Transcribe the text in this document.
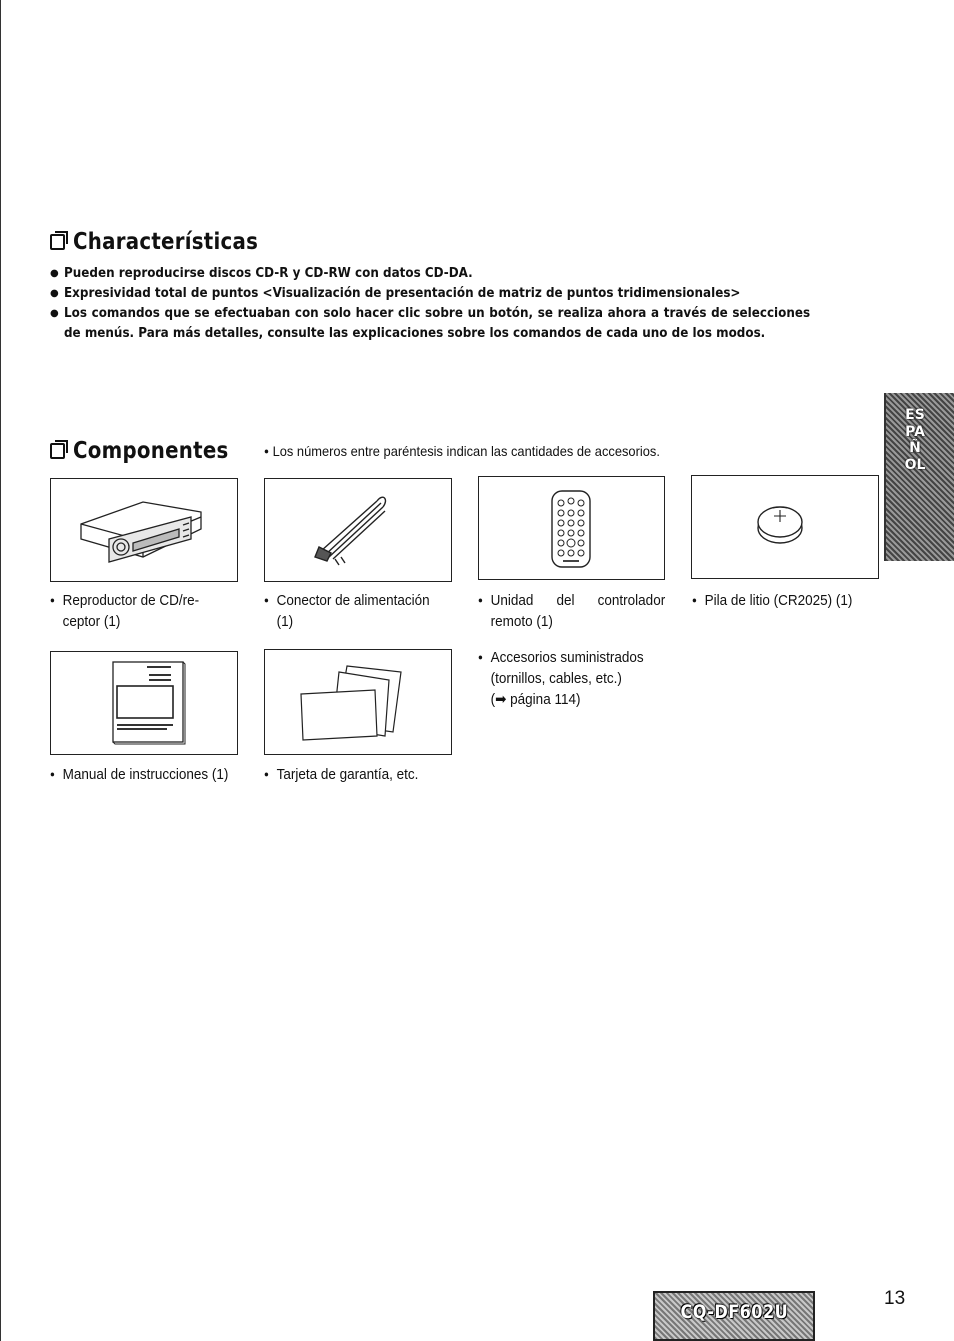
Characterísticas
● Pueden reproducirse discos CD-R y CD-RW con datos CD-DA.
● Expresividad total de puntos <Visualización de presentación de matriz de puntos tridimensionales>
● Los comandos que se efectuaban con solo hacer clic sobre un botón, se realiza ahora a través de selecciones de menús. Para más detalles, consulte las explicaciones sobre los comandos de cada uno de los modos.
Componentes	● Los números entre paréntesis indican las cantidades de accesorios.
● Reproductor de CD/re-ceptor (1)
● Conector de alimentación (1)
● Unidad del controlador remoto (1)
● Pila de litio (CR2025) (1)
● Manual de instrucciones (1)	● Tarjeta de garantía, etc.
● Accesorios suministrados
(tornillos, cables, etc.)
(➡ página 114)
ESPAÑOL
CQ-DF602U
13
